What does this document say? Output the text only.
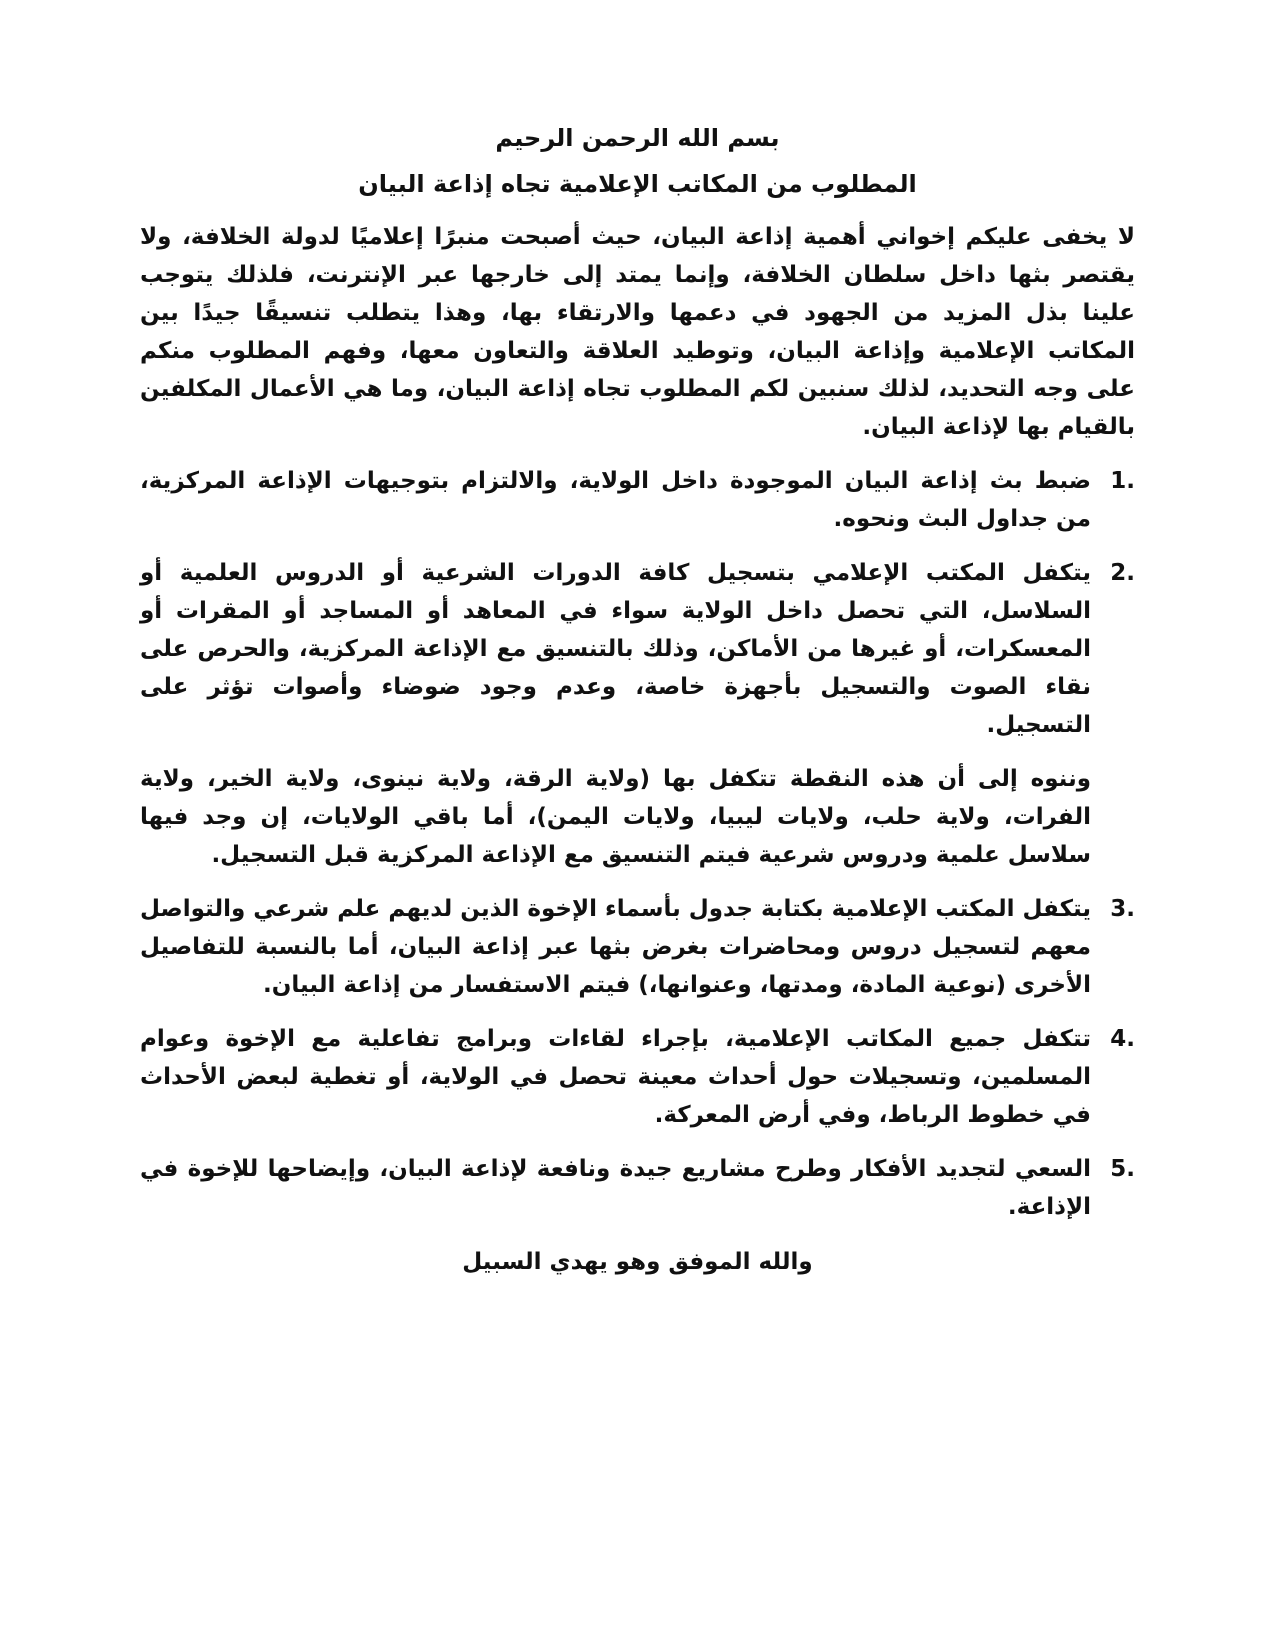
بسم الله الرحمن الرحيم
المطلوب من المكاتب الإعلامية تجاه إذاعة البيان

لا يخفى عليكم إخواني أهمية إذاعة البيان، حيث أصبحت منبرًا إعلاميًا لدولة الخلافة، ولا يقتصر بثها داخل سلطان الخلافة، وإنما يمتد إلى خارجها عبر الإنترنت، فلذلك يتوجب علينا بذل المزيد من الجهود في دعمها والارتقاء بها، وهذا يتطلب تنسيقًا جيدًا بين المكاتب الإعلامية وإذاعة البيان، وتوطيد العلاقة والتعاون معها، وفهم المطلوب منكم على وجه التحديد، لذلك سنبين لكم المطلوب تجاه إذاعة البيان، وما هي الأعمال المكلفين بالقيام بها لإذاعة البيان.

1.
ضبط بث إذاعة البيان الموجودة داخل الولاية، والالتزام بتوجيهات الإذاعة المركزية، من جداول البث ونحوه.
2.
يتكفل المكتب الإعلامي بتسجيل كافة الدورات الشرعية أو الدروس العلمية أو السلاسل، التي تحصل داخل الولاية سواء في المعاهد أو المساجد أو المقرات أو المعسكرات، أو غيرها من الأماكن، وذلك بالتنسيق مع الإذاعة المركزية، والحرص على نقاء الصوت والتسجيل بأجهزة خاصة، وعدم وجود ضوضاء وأصوات تؤثر على التسجيل.

وننوه إلى أن هذه النقطة تتكفل بها (ولاية الرقة، ولاية نينوى، ولاية الخير، ولاية الفرات، ولاية حلب، ولايات ليبيا، ولايات اليمن)، أما باقي الولايات، إن وجد فيها سلاسل علمية ودروس شرعية فيتم التنسيق مع الإذاعة المركزية قبل التسجيل.

3.
يتكفل المكتب الإعلامية بكتابة جدول بأسماء الإخوة الذين لديهم علم شرعي والتواصل معهم لتسجيل دروس ومحاضرات بغرض بثها عبر إذاعة البيان، أما بالنسبة للتفاصيل الأخرى (نوعية المادة، ومدتها، وعنوانها،) فيتم الاستفسار من إذاعة البيان.
4.
تتكفل جميع المكاتب الإعلامية، بإجراء لقاءات وبرامج تفاعلية مع الإخوة وعوام المسلمين، وتسجيلات حول أحداث معينة تحصل في الولاية، أو تغطية لبعض الأحداث في خطوط الرباط، وفي أرض المعركة.
5.
السعي لتجديد الأفكار وطرح مشاريع جيدة ونافعة لإذاعة البيان، وإيضاحها للإخوة في الإذاعة.
والله الموفق وهو يهدي السبيل
